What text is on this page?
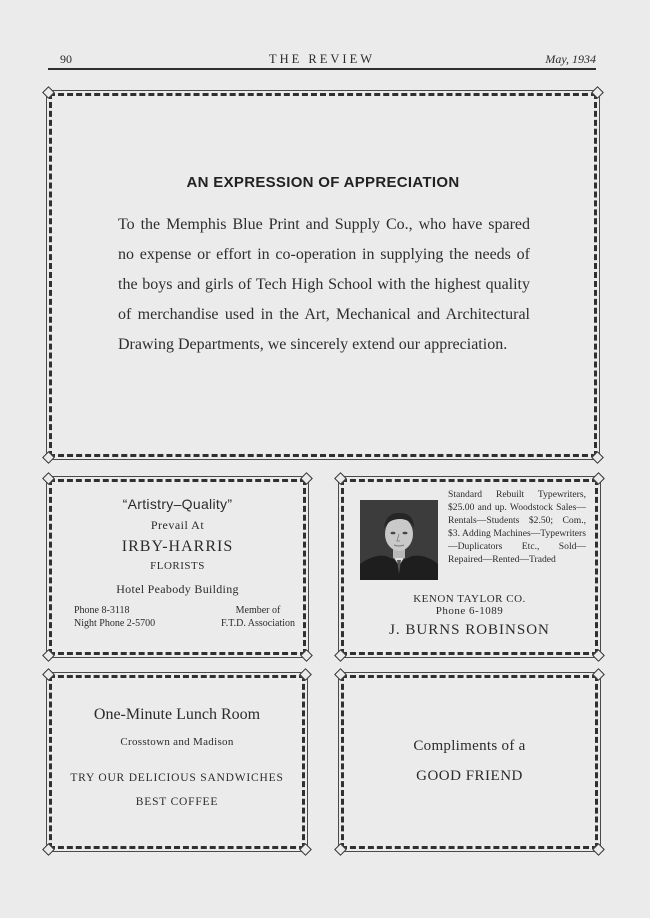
90	THE REVIEW	May, 1934
AN EXPRESSION OF APPRECIATION
To the Memphis Blue Print and Supply Co., who have spared no expense or effort in co-operation in supplying the needs of the boys and girls of Tech High School with the highest quality of merchandise used in the Art, Mechanical and Architectural Drawing Departments, we sincerely extend our appreciation.
“Artistry–Quality”
Prevail At
IRBY-HARRIS
FLORISTS
Hotel Peabody Building
Phone 8-3118
Night Phone 2-5700
Member of
F.T.D. Association
Standard Rebuilt Typewriters, $25.00 and up. Woodstock Sales—Rentals—Students $2.50; Com., $3. Adding Machines—Typewriters—Duplicators Etc., Sold—Repaired—Rented—Traded
KENON TAYLOR CO.
Phone 6-1089
J. BURNS ROBINSON
One-Minute Lunch Room
Crosstown and Madison
TRY OUR DELICIOUS SANDWICHES
BEST COFFEE
Compliments of a
GOOD FRIEND
